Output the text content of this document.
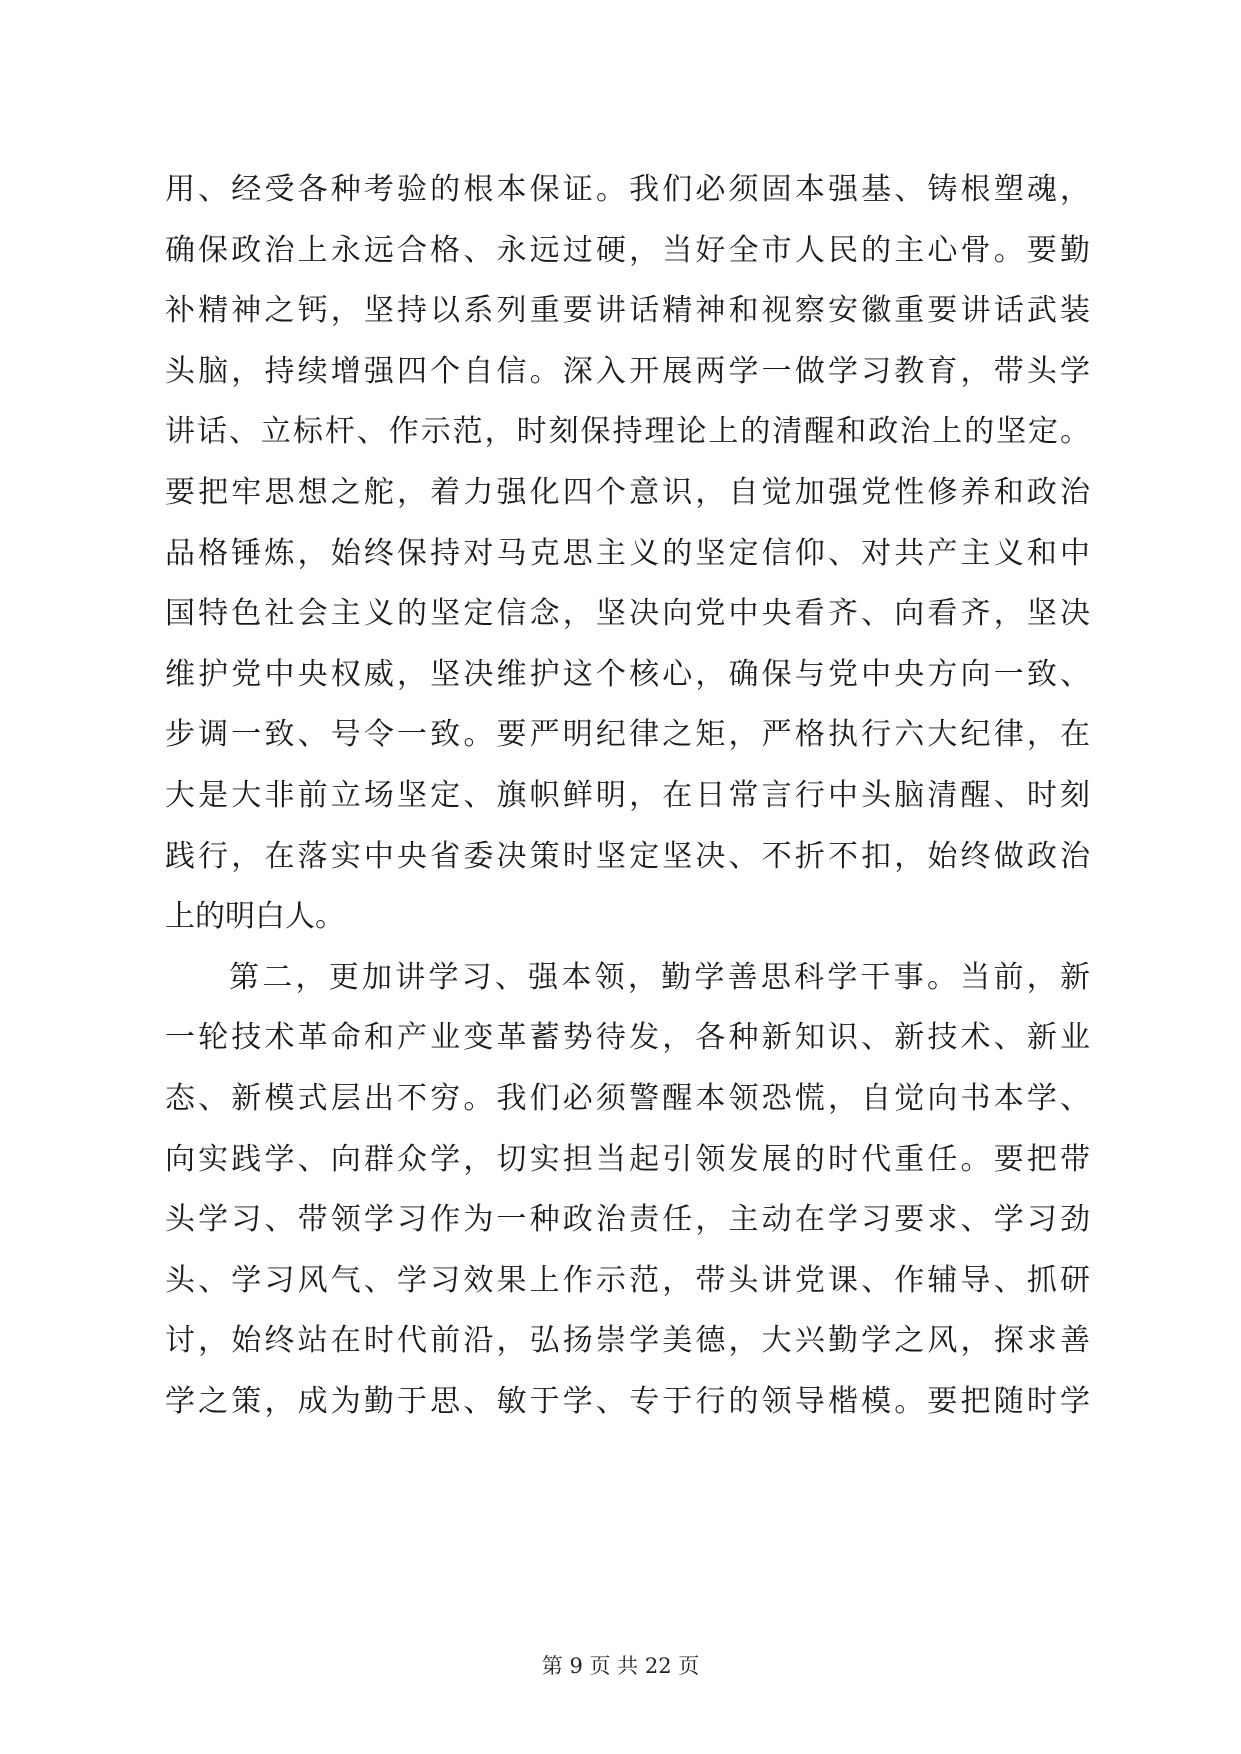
用、经受各种考验的根本保证。我们必须固本强基、铸根塑魂，
确保政治上永远合格、永远过硬，当好全市人民的主心骨。要勤
补精神之钙，坚持以系列重要讲话精神和视察安徽重要讲话武装
头脑，持续增强四个自信。深入开展两学一做学习教育，带头学
讲话、立标杆、作示范，时刻保持理论上的清醒和政治上的坚定。
要把牢思想之舵，着力强化四个意识，自觉加强党性修养和政治
品格锤炼，始终保持对马克思主义的坚定信仰、对共产主义和中
国特色社会主义的坚定信念，坚决向党中央看齐、向看齐，坚决
维护党中央权威，坚决维护这个核心，确保与党中央方向一致、
步调一致、号令一致。要严明纪律之矩，严格执行六大纪律，在
大是大非前立场坚定、旗帜鲜明，在日常言行中头脑清醒、时刻
践行，在落实中央省委决策时坚定坚决、不折不扣，始终做政治
上的明白人。
第二，更加讲学习、强本领，勤学善思科学干事。当前，新
一轮技术革命和产业变革蓄势待发，各种新知识、新技术、新业
态、新模式层出不穷。我们必须警醒本领恐慌，自觉向书本学、
向实践学、向群众学，切实担当起引领发展的时代重任。要把带
头学习、带领学习作为一种政治责任，主动在学习要求、学习劲
头、学习风气、学习效果上作示范，带头讲党课、作辅导、抓研
讨，始终站在时代前沿，弘扬崇学美德，大兴勤学之风，探求善
学之策，成为勤于思、敏于学、专于行的领导楷模。要把随时学
第 9 页 共 22 页
